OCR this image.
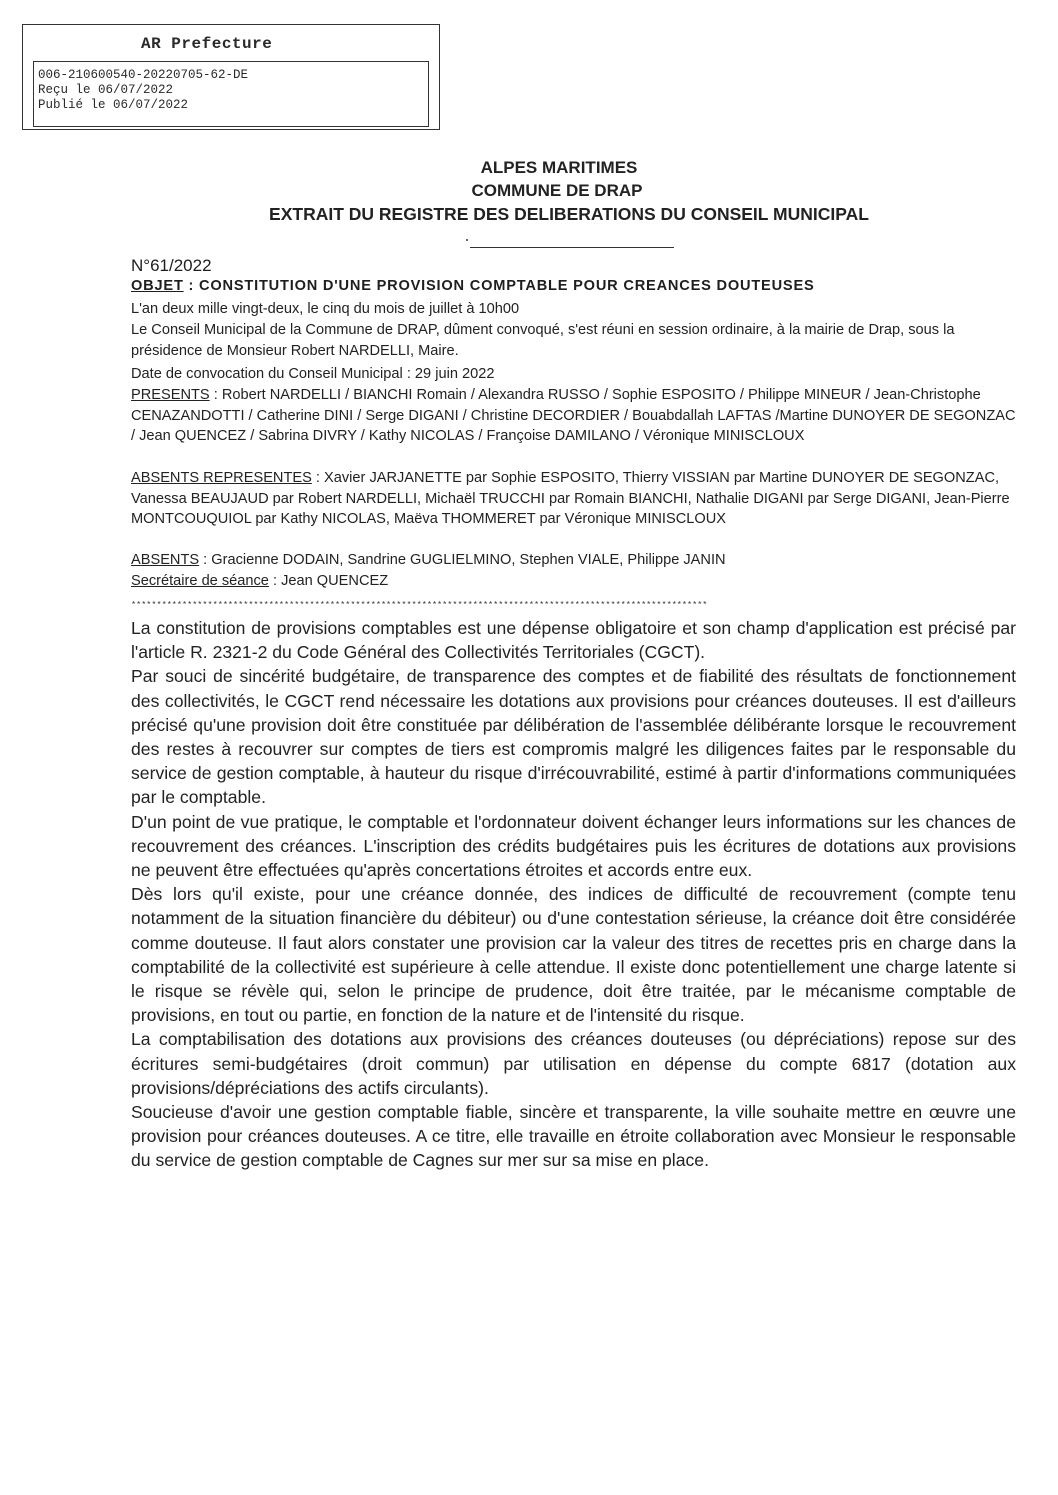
AR Prefecture
006-210600540-20220705-62-DE
Reçu le 06/07/2022
Publié le 06/07/2022
ALPES MARITIMES
COMMUNE DE DRAP
EXTRAIT DU REGISTRE DES DELIBERATIONS DU CONSEIL MUNICIPAL
N°61/2022
OBJET : CONSTITUTION D'UNE PROVISION COMPTABLE POUR CREANCES DOUTEUSES
L'an deux mille vingt-deux, le cinq du mois de juillet à 10h00
Le Conseil Municipal de la Commune de DRAP, dûment convoqué, s'est réuni en session ordinaire, à la mairie de Drap, sous la présidence de Monsieur Robert NARDELLI, Maire.
Date de convocation du Conseil Municipal : 29 juin 2022
PRESENTS : Robert NARDELLI / BIANCHI Romain / Alexandra RUSSO / Sophie ESPOSITO / Philippe MINEUR / Jean-Christophe CENAZANDOTTI / Catherine DINI / Serge DIGANI / Christine DECORDIER / Bouabdallah LAFTAS /Martine DUNOYER DE SEGONZAC / Jean QUENCEZ / Sabrina DIVRY / Kathy NICOLAS / Françoise DAMILANO / Véronique MINISCLOUX
ABSENTS REPRESENTES : Xavier JARJANETTE par Sophie ESPOSITO, Thierry VISSIAN par Martine DUNOYER DE SEGONZAC, Vanessa BEAUJAUD par Robert NARDELLI, Michaël TRUCCHI par Romain BIANCHI, Nathalie DIGANI par Serge DIGANI, Jean-Pierre MONTCOUQUIOL par Kathy NICOLAS, Maëva THOMMERET par Véronique MINISCLOUX
ABSENTS : Gracienne DODAIN, Sandrine GUGLIELMINO, Stephen VIALE, Philippe JANIN
Secrétaire de séance : Jean QUENCEZ
*****************************************************************************************************************

La constitution de provisions comptables est une dépense obligatoire et son champ d'application est précisé par l'article R. 2321-2 du Code Général des Collectivités Territoriales (CGCT).

Par souci de sincérité budgétaire, de transparence des comptes et de fiabilité des résultats de fonctionnement des collectivités, le CGCT rend nécessaire les dotations aux provisions pour créances douteuses. Il est d'ailleurs précisé qu'une provision doit être constituée par délibération de l'assemblée délibérante lorsque le recouvrement des restes à recouvrer sur comptes de tiers est compromis malgré les diligences faites par le responsable du service de gestion comptable, à hauteur du risque d'irrécouvrabilité, estimé à partir d'informations communiquées par le comptable.

D'un point de vue pratique, le comptable et l'ordonnateur doivent échanger leurs informations sur les chances de recouvrement des créances. L'inscription des crédits budgétaires puis les écritures de dotations aux provisions ne peuvent être effectuées qu'après concertations étroites et accords entre eux.

Dès lors qu'il existe, pour une créance donnée, des indices de difficulté de recouvrement (compte tenu notamment de la situation financière du débiteur) ou d'une contestation sérieuse, la créance doit être considérée comme douteuse. Il faut alors constater une provision car la valeur des titres de recettes pris en charge dans la comptabilité de la collectivité est supérieure à celle attendue. Il existe donc potentiellement une charge latente si le risque se révèle qui, selon le principe de prudence, doit être traitée, par le mécanisme comptable de provisions, en tout ou partie, en fonction de la nature et de l'intensité du risque.

La comptabilisation des dotations aux provisions des créances douteuses (ou dépréciations) repose sur des écritures semi-budgétaires (droit commun) par utilisation en dépense du compte 6817 (dotation aux provisions/dépréciations des actifs circulants).

Soucieuse d'avoir une gestion comptable fiable, sincère et transparente, la ville souhaite mettre en œuvre une provision pour créances douteuses. A ce titre, elle travaille en étroite collaboration avec Monsieur le responsable du service de gestion comptable de Cagnes sur mer sur sa mise en place.
